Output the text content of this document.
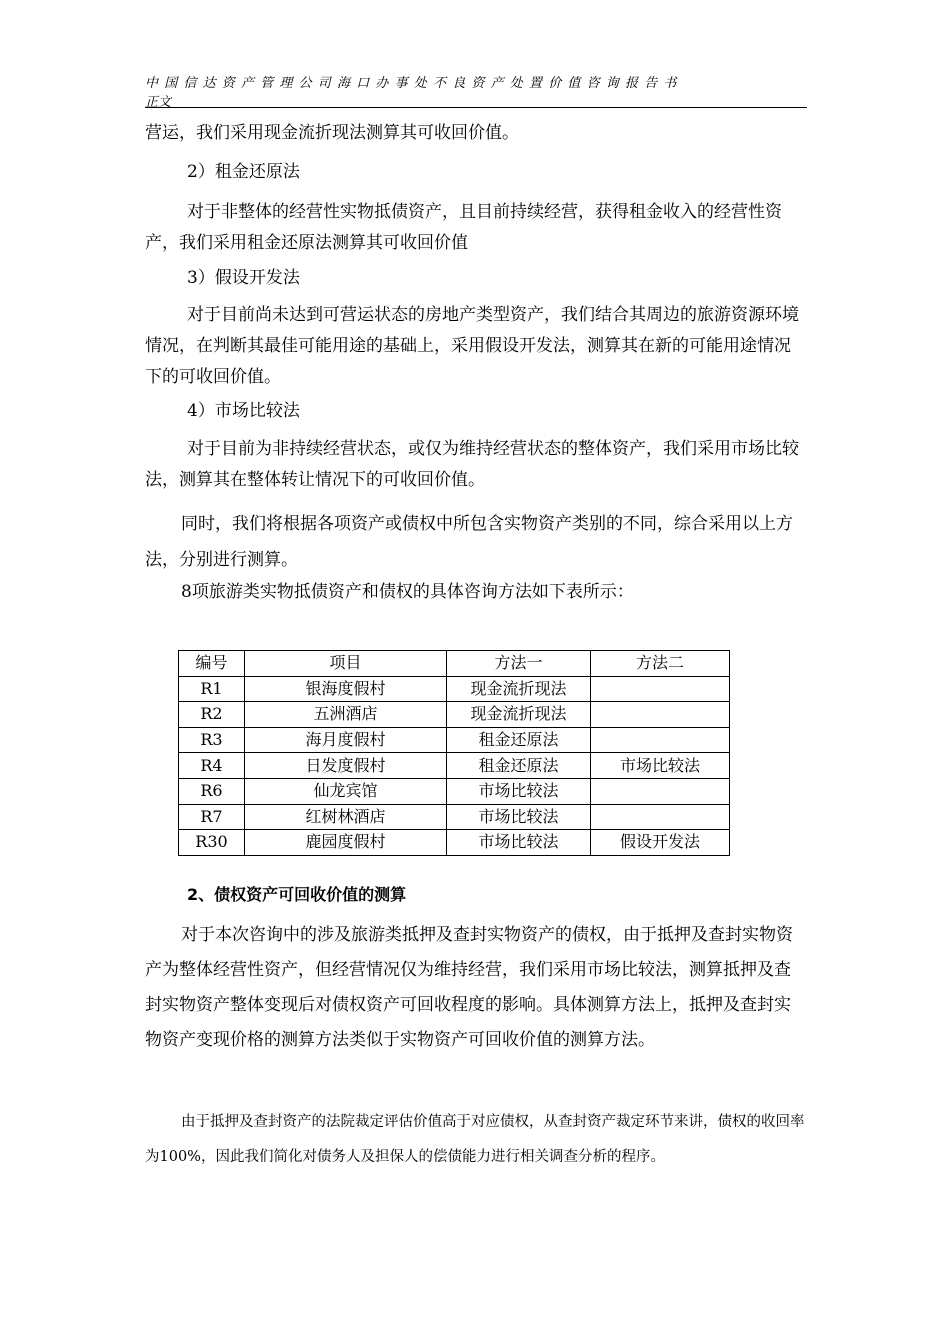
中国信达资产管理公司海口办事处不良资产处置价值咨询报告书
正文

营运，我们采用现金流折现法测算其可收回价值。

2）租金还原法

对于非整体的经营性实物抵债资产，且目前持续经营，获得租金收入的经营性资产，我们采用租金还原法测算其可收回价值

3）假设开发法

对于目前尚未达到可营运状态的房地产类型资产，我们结合其周边的旅游资源环境情况，在判断其最佳可能用途的基础上，采用假设开发法，测算其在新的可能用途情况下的可收回价值。

4）市场比较法

对于目前为非持续经营状态，或仅为维持经营状态的整体资产，我们采用市场比较法，测算其在整体转让情况下的可收回价值。

同时，我们将根据各项资产或债权中所包含实物资产类别的不同，综合采用以上方法，分别进行测算。

8项旅游类实物抵债资产和债权的具体咨询方法如下表所示：

编号	项目	方法一	方法二
R1	银海度假村	现金流折现法	
R2	五洲酒店	现金流折现法	
R3	海月度假村	租金还原法	
R4	日发度假村	租金还原法	市场比较法
R6	仙龙宾馆	市场比较法	
R7	红树林酒店	市场比较法	
R30	鹿园度假村	市场比较法	假设开发法
2、债权资产可回收价值的测算

对于本次咨询中的涉及旅游类抵押及查封实物资产的债权，由于抵押及查封实物资产为整体经营性资产，但经营情况仅为维持经营，我们采用市场比较法，测算抵押及查封实物资产整体变现后对债权资产可回收程度的影响。具体测算方法上，抵押及查封实物资产变现价格的测算方法类似于实物资产可回收价值的测算方法。

由于抵押及查封资产的法院裁定评估价值高于对应债权，从查封资产裁定环节来讲，债权的收回率为100%，因此我们简化对债务人及担保人的偿债能力进行相关调查分析的程序。
